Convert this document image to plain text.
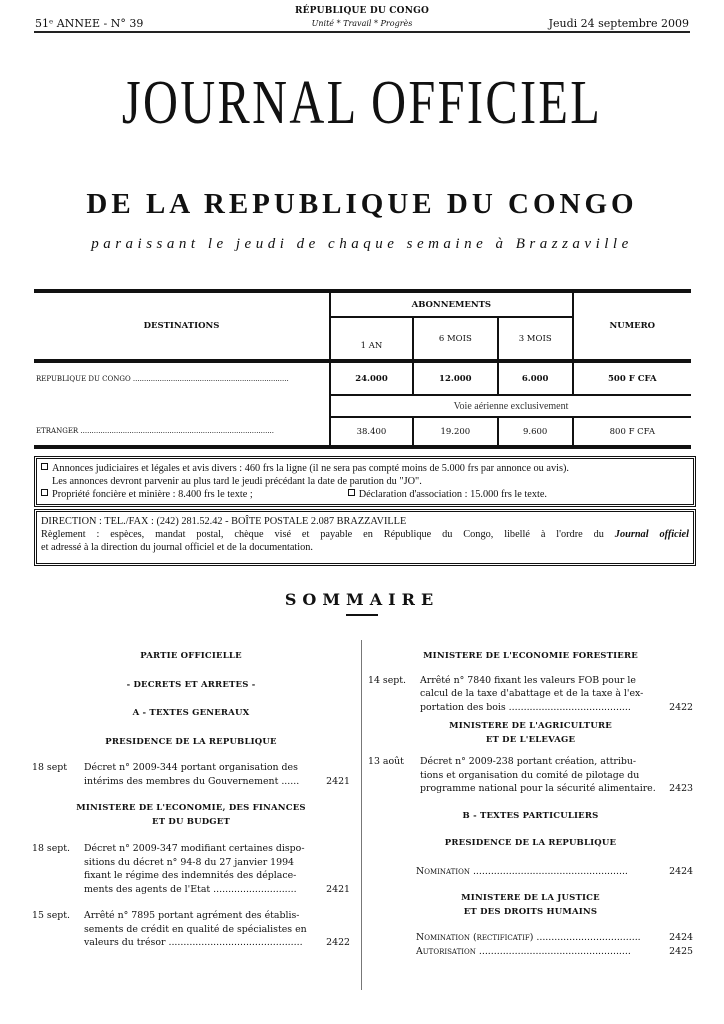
51ᵉ ANNEE - N° 39
RÉPUBLIQUE DU CONGO
Unité * Travail * Progrès	Jeudi 24 septembre 2009
JOURNAL OFFICIEL
DE LA REPUBLIQUE DU CONGO
paraissant le jeudi de chaque semaine à Brazzaville
DESTINATIONS	ABONNEMENTS			NUMERO
	1 AN	6 MOIS	3 MOIS	
REPUBLIQUE DU CONGO ......................................................................	24.000	12.000	6.000	500 F CFA
	Voie aérienne exclusivement			
ETRANGER .......................................................................................	38.400	19.200	9.600	800 F CFA
Annonces judiciaires et légales et avis divers : 460 frs la ligne (il ne sera pas compté moins de 5.000 frs par annonce ou avis).
Les annonces devront parvenir au plus tard le jeudi précédant la date de parution du "JO".
Propriété foncière et minière : 8.400 frs le texte ;	Déclaration d'association : 15.000 frs le texte.
DIRECTION : TEL./FAX : (242) 281.52.42 - BOÎTE POSTALE 2.087 BRAZZAVILLE
Règlement : espèces, mandat postal, chèque visé et payable en République du Congo, libellé à l'ordre du Journal officiel
et adressé à la direction du journal officiel et de la documentation.
SOMMAIRE
PARTIE OFFICIELLE
- DECRETS ET ARRETES -
A - TEXTES GENERAUX
PRESIDENCE DE LA REPUBLIQUE
18 sept	Décret n° 2009-344 portant organisation des
intérims des membres du Gouvernement ......	2421
MINISTERE DE L'ECONOMIE, DES FINANCES
ET DU BUDGET
18 sept.	Décret n° 2009-347 modifiant certaines dispo-
sitions du décret n° 94-8 du 27 janvier 1994
fixant le régime des indemnités des déplace-
ments des agents de l'Etat ............................	2421
15 sept.	Arrêté n° 7895 portant agrément des établis-
sements de crédit en qualité de spécialistes en
valeurs du trésor .............................................	2422
MINISTERE DE L'ECONOMIE FORESTIERE
14 sept.	Arrêté n° 7840 fixant les valeurs FOB pour le
calcul de la taxe d'abattage et de la taxe à l'ex-
portation des bois .........................................	2422
MINISTERE DE L'AGRICULTURE
ET DE L'ELEVAGE
13 août	Décret n° 2009-238 portant création, attribu-
tions et organisation du comité de pilotage du
programme national pour la sécurité alimentaire.	2423
B - TEXTES PARTICULIERS
PRESIDENCE DE LA REPUBLIQUE
Nomination ....................................................	2424
MINISTERE DE LA JUSTICE
ET DES DROITS HUMAINS
Nomination (rectificatif) ...................................	2424
Autorisation ...................................................	2425
